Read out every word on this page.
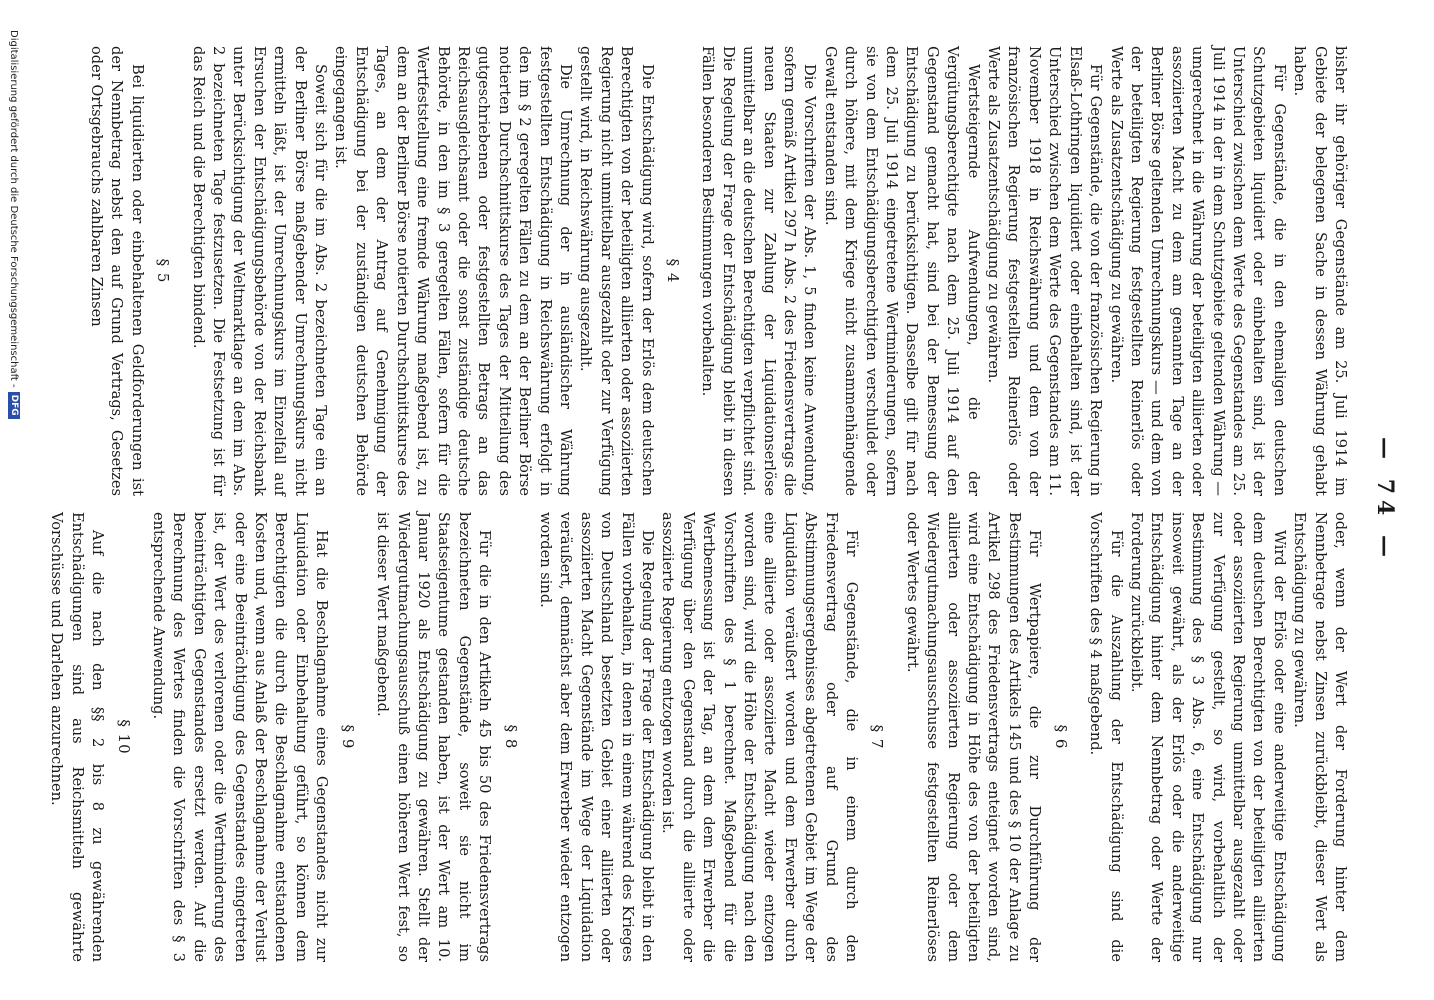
— 74 —

bisher ihr gehöriger Gegenstände am 25. Juli 1914 im Gebiete der belegenen Sache in dessen Währung gehabt haben.

Für Gegenstände, die in den ehemaligen deutschen Schutzgebieten liquidiert oder einbehalten sind, ist der Unterschied zwischen dem Werte des Gegenstandes am 25. Juli 1914 in der in dem Schutzgebiete geltenden Währung — umgerechnet in die Währung der beteiligten alliierten oder assoziierten Macht zu dem am genannten Tage an der Berliner Börse geltenden Umrechnungskurs — und dem von der beteiligten Regierung festgestellten Reinerlös oder Werte als Zusatzentschädigung zu gewähren.

Für Gegenstände, die von der französischen Regierung in Elsaß-Lothringen liquidiert oder einbehalten sind, ist der Unterschied zwischen dem Werte des Gegenstandes am 11. November 1918 in Reichswährung und dem von der französischen Regierung festgestellten Reinerlös oder Werte als Zusatzentschädigung zu gewähren.

Wertsteigernde Aufwendungen, die der Vergütungsberechtigte nach dem 25. Juli 1914 auf den Gegenstand gemacht hat, sind bei der Bemessung der Entschädigung zu berücksichtigen. Dasselbe gilt für nach dem 25. Juli 1914 eingetretene Wertminderungen, sofern sie von dem Entschädigungsberechtigten verschuldet oder durch höhere, mit dem Kriege nicht zusammenhängende Gewalt entstanden sind.

Die Vorschriften der Abs. 1, 5 finden keine Anwendung, sofern gemäß Artikel 297 h Abs. 2 des Friedensvertrags die neuen Staaten zur Zahlung der Liquidationserlöse unmittelbar an die deutschen Berechtigten verpflichtet sind. Die Regelung der Frage der Entschädigung bleibt in diesen Fällen besonderen Bestimmungen vorbehalten.

§ 4

Die Entschädigung wird, sofern der Erlös dem deutschen Berechtigten von der beteiligten alliierten oder assoziierten Regierung nicht unmittelbar ausgezahlt oder zur Verfügung gestellt wird, in Reichswährung ausgezahlt.

Die Umrechnung der in ausländischer Währung festgestellten Entschädigung in Reichswährung erfolgt in den im § 2 geregelten Fällen zu dem an der Berliner Börse notierten Durchschnittskurse des Tages der Mitteilung des gutgeschriebenen oder festgestellten Betrags an das Reichsausgleichsamt oder die sonst zuständige deutsche Behörde, in den im § 3 geregelten Fällen, sofern für die Wertfeststellung eine fremde Währung maßgebend ist, zu dem an der Berliner Börse notierten Durchschnittskurse des Tages, an dem der Antrag auf Genehmigung der Entschädigung bei der zuständigen deutschen Behörde eingegangen ist.

Soweit sich für die im Abs. 2 bezeichneten Tage ein an der Berliner Börse maßgebender Umrechnungskurs nicht ermitteln läßt, ist der Umrechnungskurs im Einzelfall auf Ersuchen der Entschädigungsbehörde von der Reichsbank unter Berücksichtigung der Weltmarktlage an dem im Abs. 2 bezeichneten Tage festzusetzen. Die Festsetzung ist für das Reich und die Berechtigten bindend.

§ 5

Bei liquidierten oder einbehaltenen Geldforderungen ist der Nennbetrag nebst den auf Grund Vertrags, Gesetzes oder Ortsgebrauchs zahlbaren Zinsen

oder, wenn der Wert der Forderung hinter dem Nennbetrage nebst Zinsen zurückbleibt, dieser Wert als Entschädigung zu gewähren.

Wird der Erlös oder eine anderweitige Entschädigung dem deutschen Berechtigten von der beteiligten alliierten oder assoziierten Regierung unmittelbar ausgezahlt oder zur Verfügung gestellt, so wird, vorbehaltlich der Bestimmung des § 3 Abs. 6, eine Entschädigung nur insoweit gewährt, als der Erlös oder die anderweitige Entschädigung hinter dem Nennbetrag oder Werte der Forderung zurückbleibt.

Für die Auszahlung der Entschädigung sind die Vorschriften des § 4 maßgebend.

§ 6

Für Wertpapiere, die zur Durchführung der Bestimmungen des Artikels 145 und des § 10 der Anlage zu Artikel 298 des Friedensvertrags enteignet worden sind, wird eine Entschädigung in Höhe des von der beteiligten alliierten oder assoziierten Regierung oder dem Wiedergutmachungsausschusse festgestellten Reinerlöses oder Wertes gewährt.

§ 7

Für Gegenstände, die in einem durch den Friedensvertrag oder auf Grund des Abstimmungsergebnisses abgetretenen Gebiet im Wege der Liquidation veräußert worden und dem Erwerber durch eine alliierte oder assoziierte Macht wieder entzogen worden sind, wird die Höhe der Entschädigung nach den Vorschriften des § 1 berechnet. Maßgebend für die Wertbemessung ist der Tag, an dem dem Erwerber die Verfügung über den Gegenstand durch die alliierte oder assoziierte Regierung entzogen worden ist.

Die Regelung der Frage der Entschädigung bleibt in den Fällen vorbehalten, in denen in einem während des Krieges von Deutschland besetzten Gebiet einer alliierten oder assoziierten Macht Gegenstände im Wege der Liquidation veräußert, demnächst aber dem Erwerber wieder entzogen worden sind.

§ 8

Für die in den Artikeln 45 bis 50 des Friedensvertrags bezeichneten Gegenstände, soweit sie nicht im Staatseigentume gestanden haben, ist der Wert am 10. Januar 1920 als Entschädigung zu gewähren. Stellt der Wiedergutmachungsausschuß einen höheren Wert fest, so ist dieser Wert maßgebend.

§ 9

Hat die Beschlagnahme eines Gegenstandes nicht zur Liquidation oder Einbehaltung geführt, so können dem Berechtigten die durch die Beschlagnahme entstandenen Kosten und, wenn aus Anlaß der Beschlagnahme der Verlust oder eine Beeinträchtigung des Gegenstandes eingetreten ist, der Wert des verlorenen oder die Wertminderung des beeinträchtigten Gegenstandes ersetzt werden. Auf die Berechnung des Wertes finden die Vorschriften des § 3 entsprechende Anwendung.

§ 10

Auf die nach den §§ 2 bis 8 zu gewährenden Entschädigungen sind aus Reichsmitteln gewährte Vorschüsse und Darlehen anzurechnen.

Digitalisierung gefördert durch die Deutsche Forschungsgemeinschaft -
DFG
